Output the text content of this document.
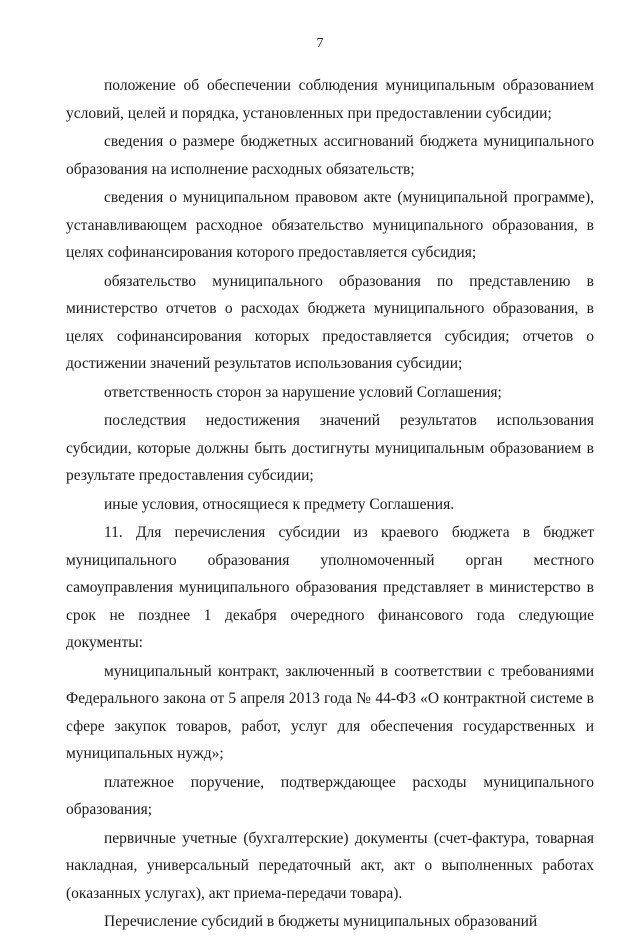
7

положение об обеспечении соблюдения муниципальным образованием условий, целей и порядка, установленных при предоставлении субсидии;

сведения о размере бюджетных ассигнований бюджета муниципального образования на исполнение расходных обязательств;

сведения о муниципальном правовом акте (муниципальной программе), устанавливающем расходное обязательство муниципального образования, в целях софинансирования которого предоставляется субсидия;

обязательство муниципального образования по представлению в министерство отчетов о расходах бюджета муниципального образования, в целях софинансирования которых предоставляется субсидия; отчетов о достижении значений результатов использования субсидии;

ответственность сторон за нарушение условий Соглашения;

последствия недостижения значений результатов использования субсидии, которые должны быть достигнуты муниципальным образованием в результате предоставления субсидии;

иные условия, относящиеся к предмету Соглашения.

11. Для перечисления субсидии из краевого бюджета в бюджет муниципального образования уполномоченный орган местного самоуправления муниципального образования представляет в министерство в срок не позднее 1 декабря очередного финансового года следующие документы:

муниципальный контракт, заключенный в соответствии с требованиями Федерального закона от 5 апреля 2013 года № 44-ФЗ «О контрактной системе в сфере закупок товаров, работ, услуг для обеспечения государственных и муниципальных нужд»;

платежное поручение, подтверждающее расходы муниципального образования;

первичные учетные (бухгалтерские) документы (счет-фактура, товарная накладная, универсальный передаточный акт, акт о выполненных работах (оказанных услугах), акт приема-передачи товара).

Перечисление субсидий в бюджеты муниципальных образований
